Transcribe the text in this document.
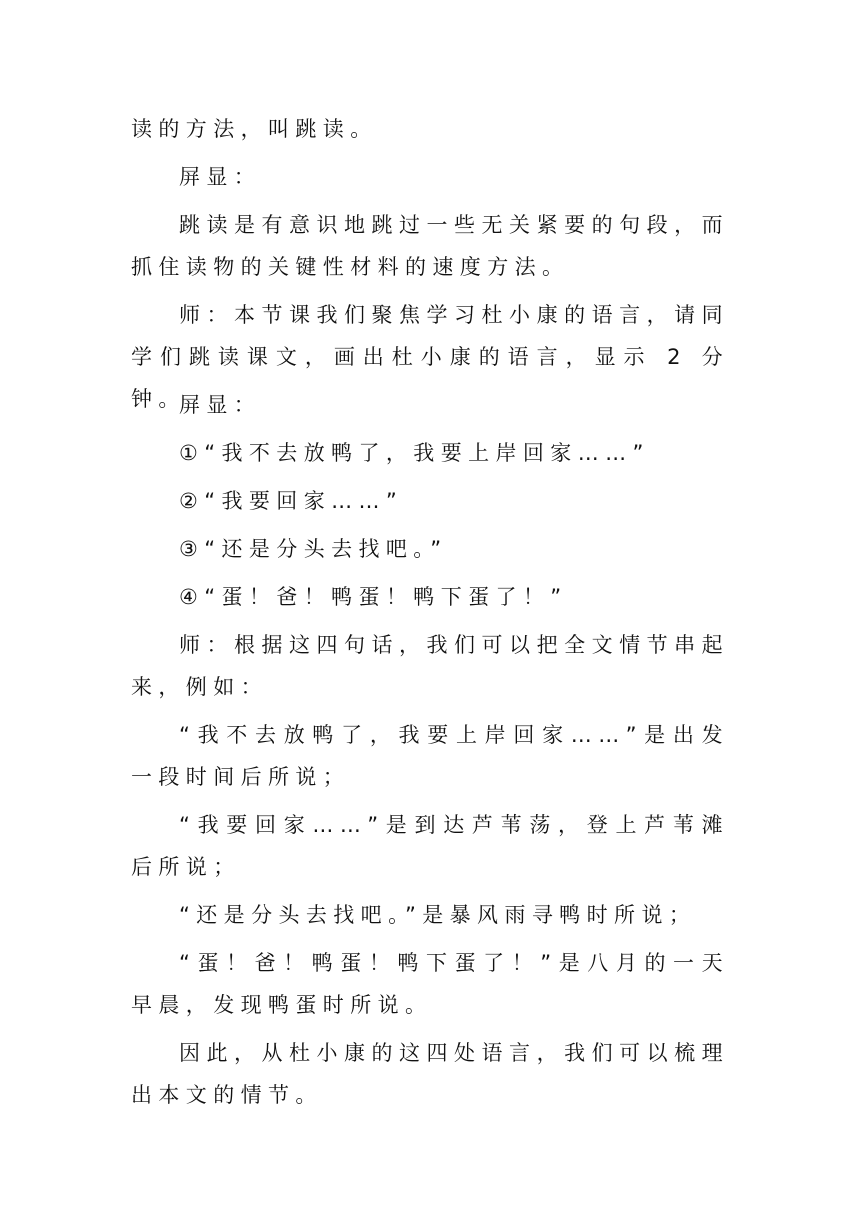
读的方法，叫跳读。

屏显：

跳读是有意识地跳过一些无关紧要的句段，而抓住读物的关键性材料的速度方法。

师：本节课我们聚焦学习杜小康的语言，请同学们跳读课文，画出杜小康的语言，显示 2 分钟。

屏显：

①“我不去放鸭了，我要上岸回家……”

②“我要回家……”

③“还是分头去找吧。”

④“蛋！爸！鸭蛋！鸭下蛋了！”

师：根据这四句话，我们可以把全文情节串起来，例如：

“我不去放鸭了，我要上岸回家……”是出发一段时间后所说；

“我要回家……”是到达芦苇荡，登上芦苇滩后所说；

“还是分头去找吧。”是暴风雨寻鸭时所说；

“蛋！爸！鸭蛋！鸭下蛋了！”是八月的一天早晨，发现鸭蛋时所说。

因此，从杜小康的这四处语言，我们可以梳理出本文的情节。
